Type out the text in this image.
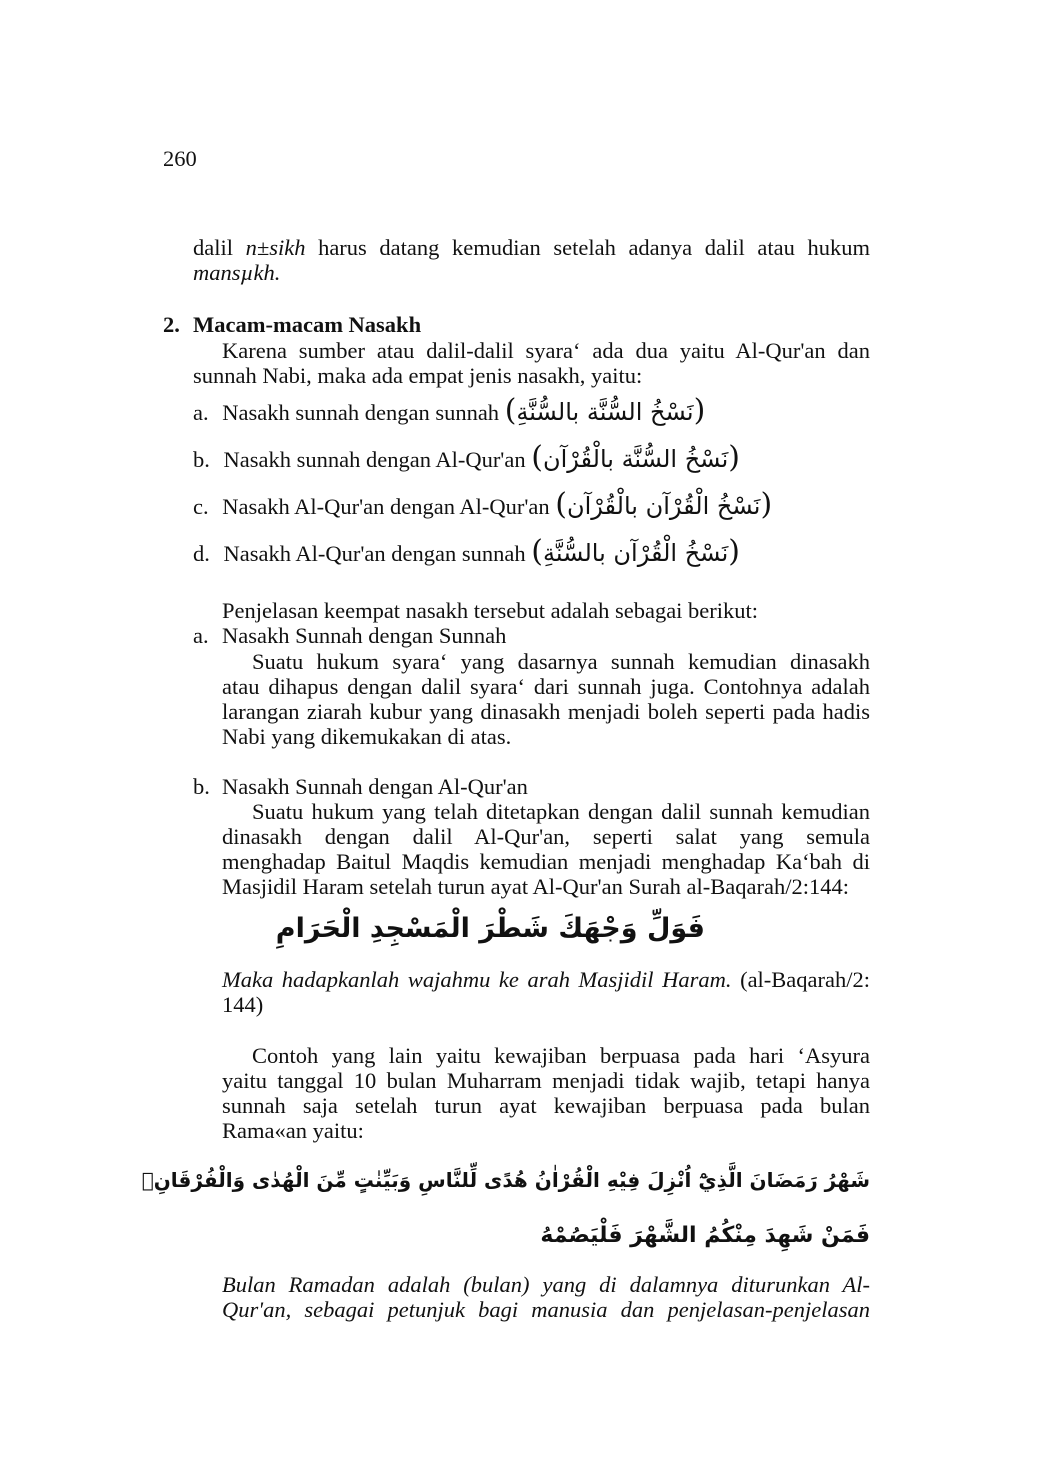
260
dalil n±sikh harus datang kemudian setelah adanya dalil atau hukum
mansµkh.
2. Macam-macam Nasakh
Karena sumber atau dalil-dalil syara‘ ada dua yaitu Al-Qur'an dan
sunnah Nabi, maka ada empat jenis nasakh, yaitu:
a. Nasakh sunnah dengan sunnah (نَسْخُ السُّنَّة بالسُّنَّةِ)
b. Nasakh sunnah dengan Al-Qur'an (نَسْخُ السُّنَّة بالْقُرْآن)
c. Nasakh Al-Qur'an dengan Al-Qur'an (نَسْخُ الْقُرْآن بالْقُرْآن)
d. Nasakh Al-Qur'an dengan sunnah (نَسْخُ الْقُرْآن بالسُّنَّةِ)
Penjelasan keempat nasakh tersebut adalah sebagai berikut:
a. Nasakh Sunnah dengan Sunnah
Suatu hukum syara‘ yang dasarnya sunnah kemudian dinasakh
atau dihapus dengan dalil syara‘ dari sunnah juga. Contohnya adalah
larangan ziarah kubur yang dinasakh menjadi boleh seperti pada hadis
Nabi yang dikemukakan di atas.
b. Nasakh Sunnah dengan Al-Qur'an
Suatu hukum yang telah ditetapkan dengan dalil sunnah kemudian
dinasakh dengan dalil Al-Qur'an, seperti salat yang semula
menghadap Baitul Maqdis kemudian menjadi menghadap Ka‘bah di
Masjidil Haram setelah turun ayat Al-Qur'an Surah al-Baqarah/2:144:
فَوَلِّ وَجْهَكَ شَطْرَ الْمَسْجِدِ الْحَرَامِ
Maka hadapkanlah wajahmu ke arah Masjidil Haram. (al-Baqarah/2:
144)
Contoh yang lain yaitu kewajiban berpuasa pada hari ‘Asyura
yaitu tanggal 10 bulan Muharram menjadi tidak wajib, tetapi hanya
sunnah saja setelah turun ayat kewajiban berpuasa pada bulan
Rama«an yaitu:
شَهْرُ رَمَضَانَ الَّذِيْٓ اُنْزِلَ فِيْهِ الْقُرْاٰنُ هُدًى لِّلنَّاسِ وَبَيِّنٰتٍ مِّنَ الْهُدٰى وَالْفُرْقَانِۚ
فَمَنْ شَهِدَ مِنْكُمُ الشَّهْرَ فَلْيَصُمْهُ
Bulan Ramadan adalah (bulan) yang di dalamnya diturunkan Al-
Qur'an, sebagai petunjuk bagi manusia dan penjelasan-penjelasan
